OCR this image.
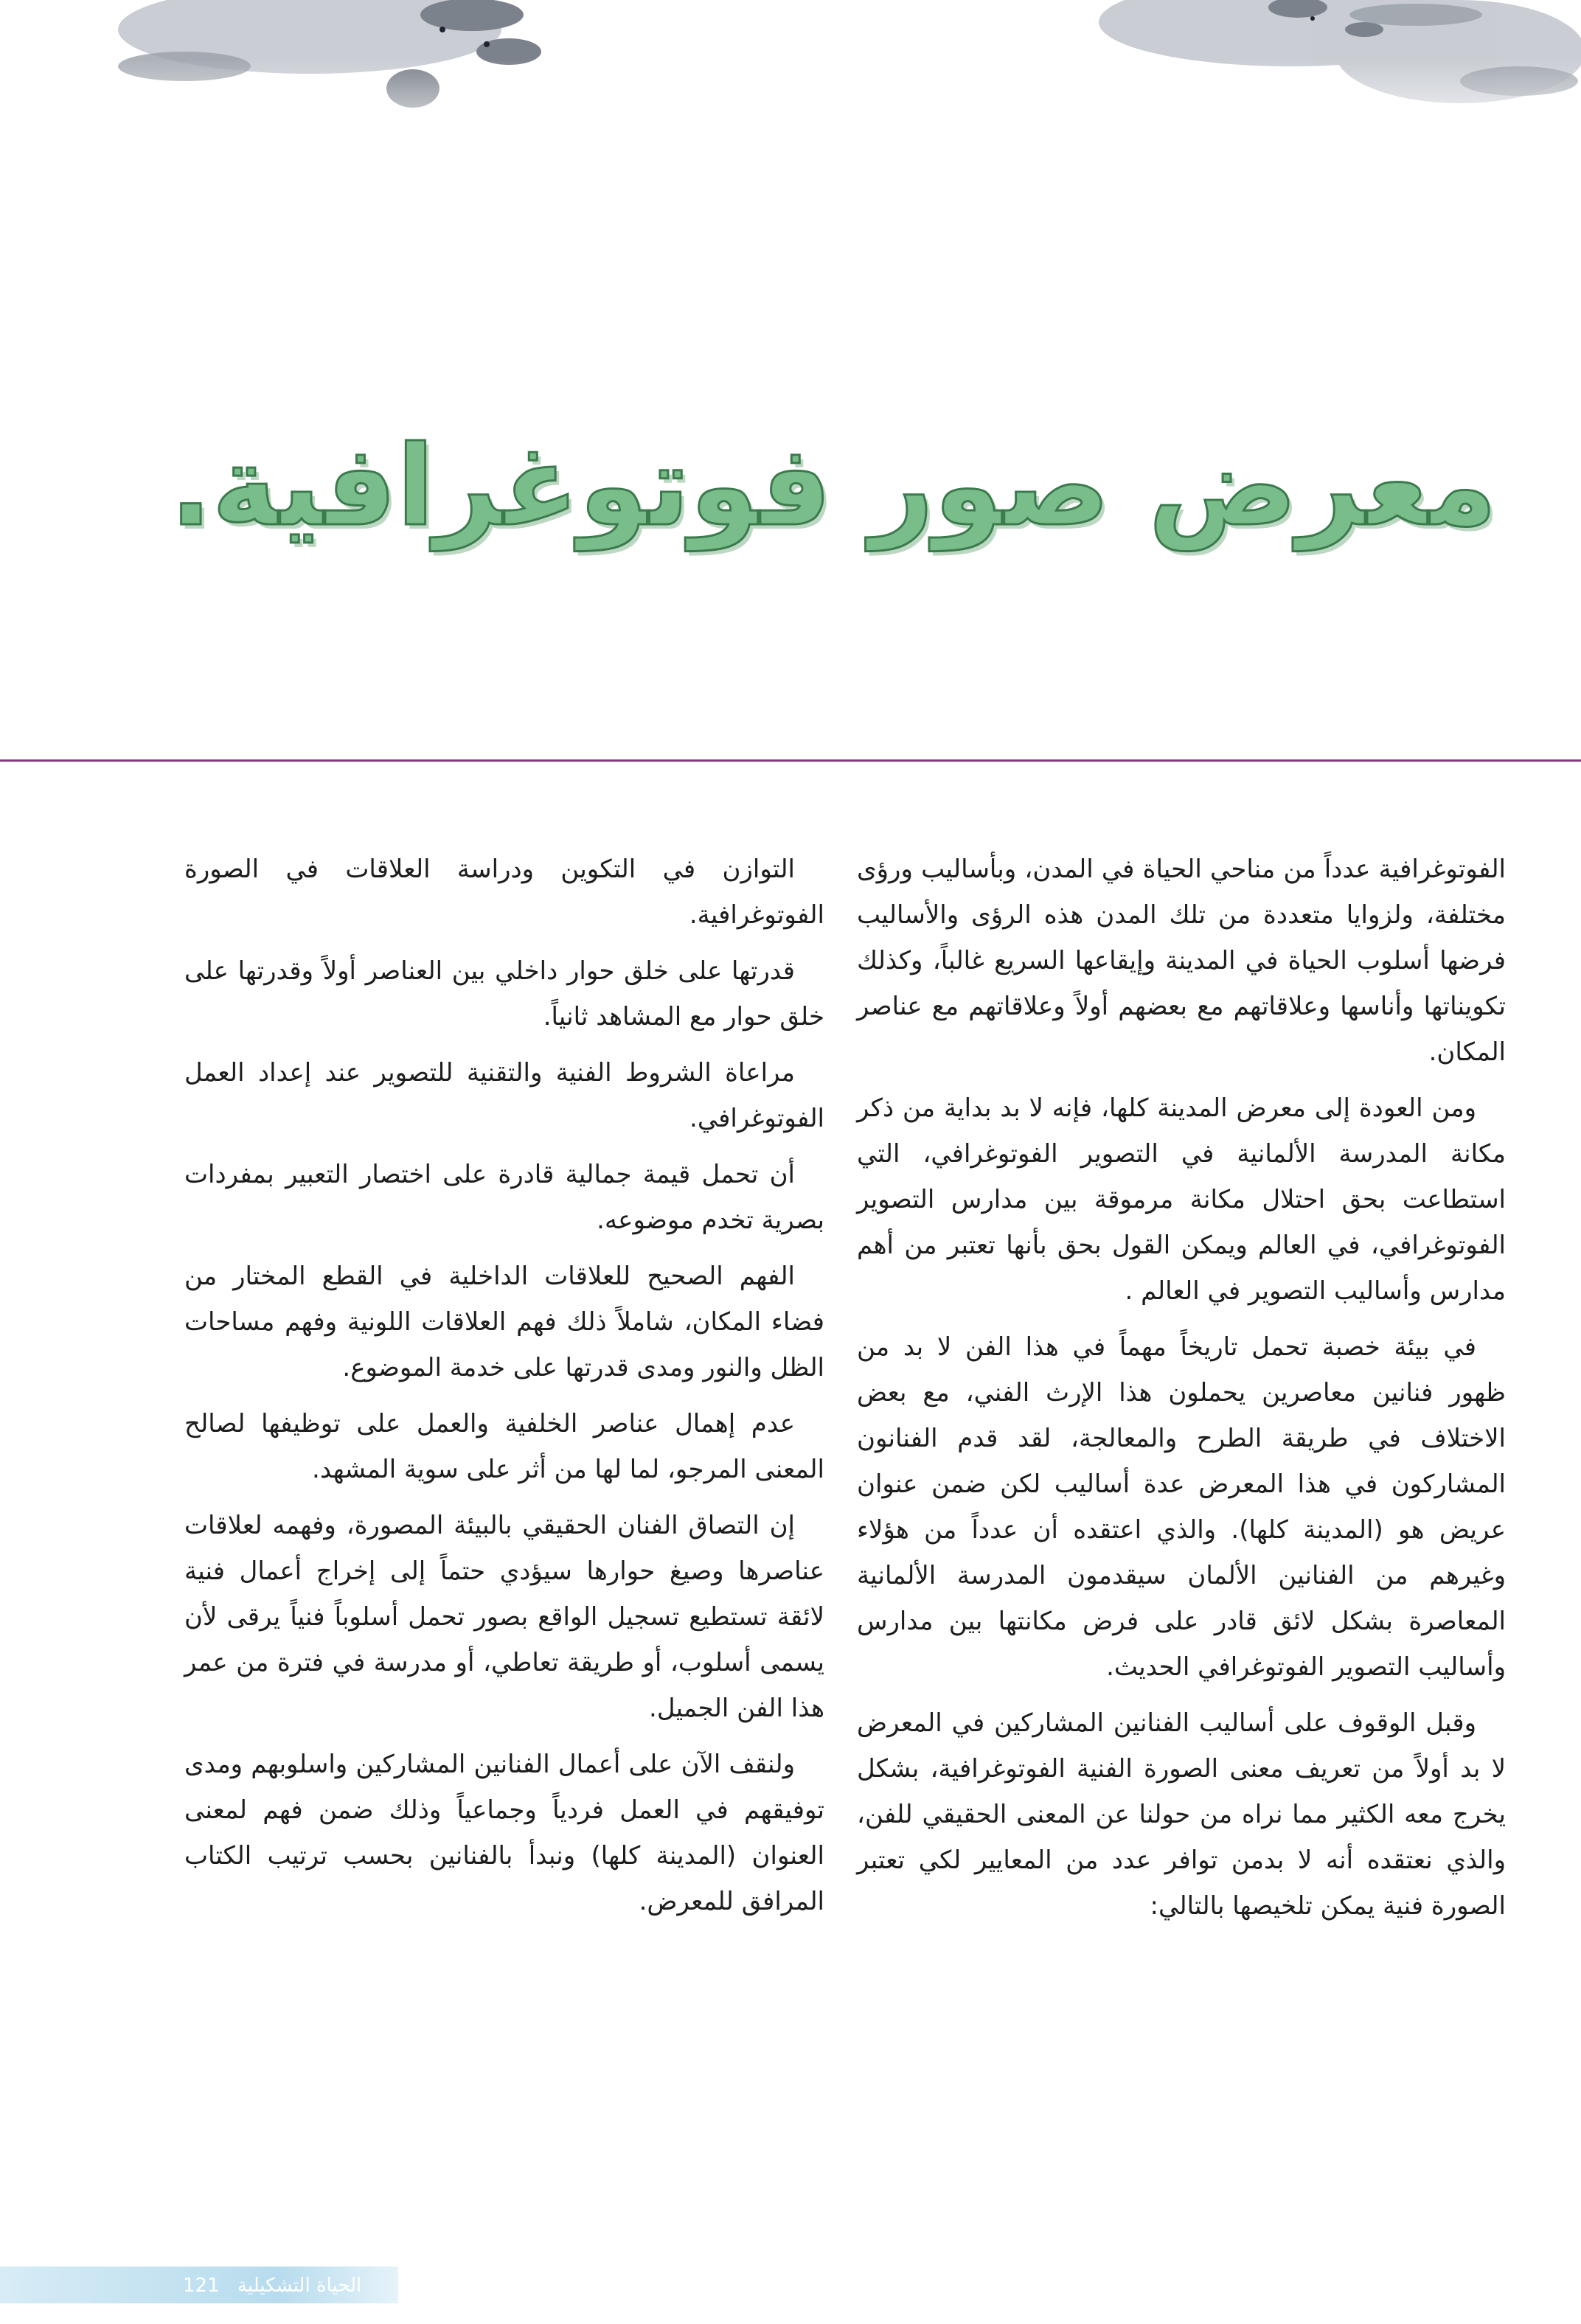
معرض صور فوتوغرافية.

الفوتوغرافية عدداً من مناحي الحياة في المدن، وبأساليب ورؤى مختلفة، ولزوايا متعددة من تلك المدن هذه الرؤى والأساليب فرضها أسلوب الحياة في المدينة وإيقاعها السريع غالباً، وكذلك تكويناتها وأناسها وعلاقاتهم مع بعضهم أولاً وعلاقاتهم مع عناصر المكان.

ومن العودة إلى معرض المدينة كلها، فإنه لا بد بداية من ذكر مكانة المدرسة الألمانية في التصوير الفوتوغرافي، التي استطاعت بحق احتلال مكانة مرموقة بين مدارس التصوير الفوتوغرافي، في العالم ويمكن القول بحق بأنها تعتبر من أهم مدارس وأساليب التصوير في العالم .

في بيئة خصبة تحمل تاريخاً مهماً في هذا الفن لا بد من ظهور فنانين معاصرين يحملون هذا الإرث الفني، مع بعض الاختلاف في طريقة الطرح والمعالجة، لقد قدم الفنانون المشاركون في هذا المعرض عدة أساليب لكن ضمن عنوان عريض هو (المدينة كلها). والذي اعتقده أن عدداً من هؤلاء وغيرهم من الفنانين الألمان سيقدمون المدرسة الألمانية المعاصرة بشكل لائق قادر على فرض مكانتها بين مدارس وأساليب التصوير الفوتوغرافي الحديث.

وقبل الوقوف على أساليب الفنانين المشاركين في المعرض لا بد أولاً من تعريف معنى الصورة الفنية الفوتوغرافية، بشكل يخرج معه الكثير مما نراه من حولنا عن المعنى الحقيقي للفن، والذي نعتقده أنه لا بدمن توافر عدد من المعايير لكي تعتبر الصورة فنية يمكن تلخيصها بالتالي:

التوازن في التكوين ودراسة العلاقات في الصورة الفوتوغرافية.

قدرتها على خلق حوار داخلي بين العناصر أولاً وقدرتها على خلق حوار مع المشاهد ثانياً.

مراعاة الشروط الفنية والتقنية للتصوير عند إعداد العمل الفوتوغرافي.

أن تحمل قيمة جمالية قادرة على اختصار التعبير بمفردات بصرية تخدم موضوعه.

الفهم الصحيح للعلاقات الداخلية في القطع المختار من فضاء المكان، شاملاً ذلك فهم العلاقات اللونية وفهم مساحات الظل والنور ومدى قدرتها على خدمة الموضوع.

عدم إهمال عناصر الخلفية والعمل على توظيفها لصالح المعنى المرجو، لما لها من أثر على سوية المشهد.

إن التصاق الفنان الحقيقي بالبيئة المصورة، وفهمه لعلاقات عناصرها وصيغ حوارها سيؤدي حتماً إلى إخراج أعمال فنية لائقة تستطيع تسجيل الواقع بصور تحمل أسلوباً فنياً يرقى لأن يسمى أسلوب، أو طريقة تعاطي، أو مدرسة في فترة من عمر هذا الفن الجميل.

ولنقف الآن على أعمال الفنانين المشاركين واسلوبهم ومدى توفيقهم في العمل فردياً وجماعياً وذلك ضمن فهم لمعنى العنوان (المدينة كلها) ونبدأ بالفنانين بحسب ترتيب الكتاب المرافق للمعرض.

الحياة التشكيلية 121
